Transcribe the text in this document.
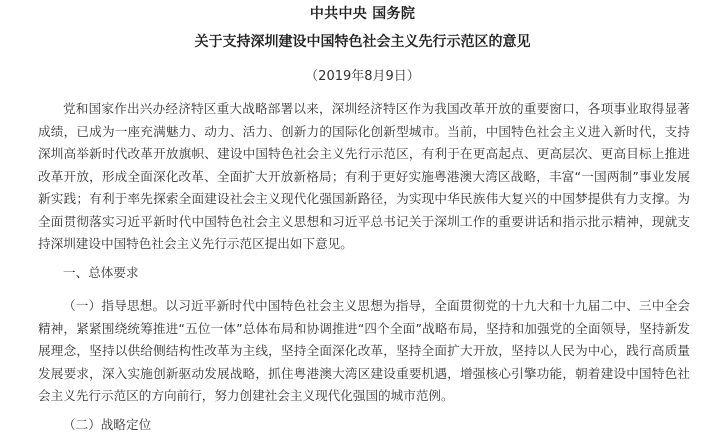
中共中央 国务院
关于支持深圳建设中国特色社会主义先行示范区的意见
（2019年8月9日）

党和国家作出兴办经济特区重大战略部署以来，深圳经济特区作为我国改革开放的重要窗口，各项事业取得显著成绩，已成为一座充满魅力、动力、活力、创新力的国际化创新型城市。当前，中国特色社会主义进入新时代，支持深圳高举新时代改革开放旗帜、建设中国特色社会主义先行示范区，有利于在更高起点、更高层次、更高目标上推进改革开放，形成全面深化改革、全面扩大开放新格局；有利于更好实施粤港澳大湾区战略，丰富“一国两制”事业发展新实践；有利于率先探索全面建设社会主义现代化强国新路径，为实现中华民族伟大复兴的中国梦提供有力支撑。为全面贯彻落实习近平新时代中国特色社会主义思想和习近平总书记关于深圳工作的重要讲话和指示批示精神，现就支持深圳建设中国特色社会主义先行示范区提出如下意见。

一、总体要求

（一）指导思想。以习近平新时代中国特色社会主义思想为指导，全面贯彻党的十九大和十九届二中、三中全会精神，紧紧围绕统筹推进“五位一体”总体布局和协调推进“四个全面”战略布局，坚持和加强党的全面领导，坚持新发展理念，坚持以供给侧结构性改革为主线，坚持全面深化改革，坚持全面扩大开放，坚持以人民为中心，践行高质量发展要求，深入实施创新驱动发展战略，抓住粤港澳大湾区建设重要机遇，增强核心引擎功能，朝着建设中国特色社会主义先行示范区的方向前行，努力创建社会主义现代化强国的城市范例。

（二）战略定位
